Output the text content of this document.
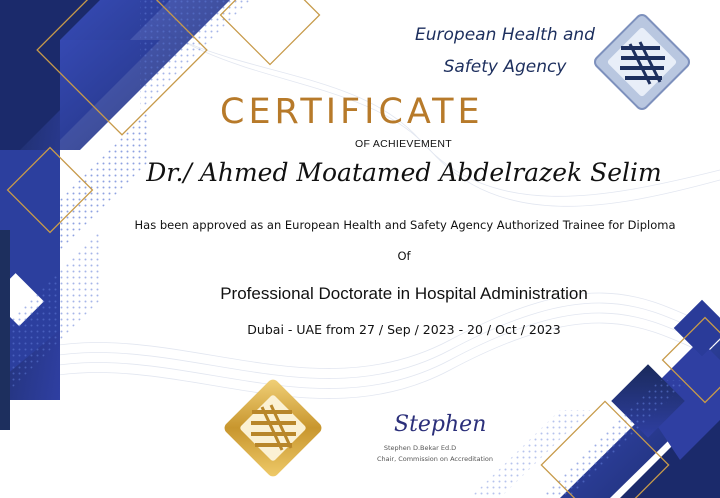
European Health and
Safety Agency
CERTIFICATE
OF ACHIEVEMENT
Dr./ Ahmed Moatamed Abdelrazek Selim
Has been approved as an European Health and Safety Agency Authorized Trainee for Diploma
Of
Professional Doctorate in Hospital Administration
Dubai - UAE from 27 / Sep / 2023 - 20 / Oct / 2023
Stephen
Stephen D.Bekar Ed.D
Chair, Commission on Accreditation
